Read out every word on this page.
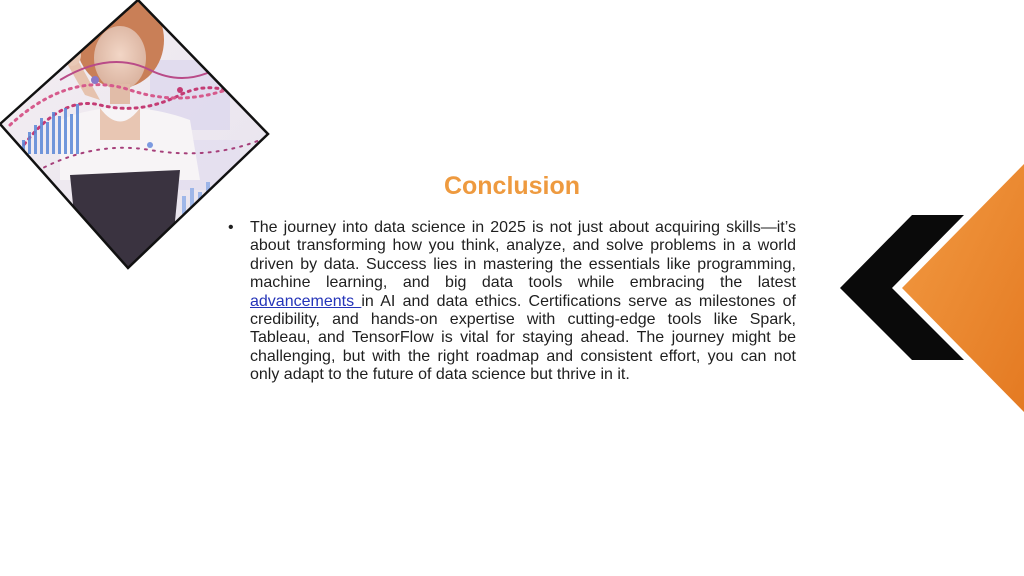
Conclusion
•	The journey into data science in 2025 is not just about acquiring skills—it’s about transforming how you think, analyze, and solve problems in a world driven by data. Success lies in mastering the essentials like programming, machine learning, and big data tools while embracing the latest advancements in AI and data ethics. Certifications serve as milestones of credibility, and hands-on expertise with cutting-edge tools like Spark, Tableau, and TensorFlow is vital for staying ahead. The journey might be challenging, but with the right roadmap and consistent effort, you can not only adapt to the future of data science but thrive in it.
